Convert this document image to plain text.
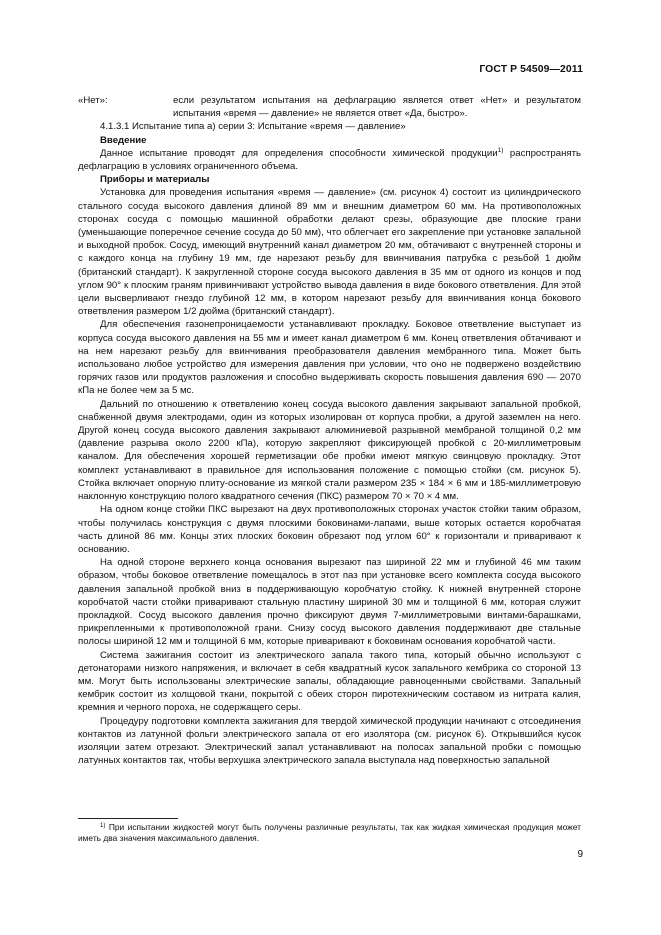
ГОСТ Р 54509—2011
«Нет»:	если результатом испытания на дефлаграцию является ответ «Нет» и результатом испытания «время — давление» не является ответ «Да, быстро».

4.1.3.1 Испытание типа а) серии 3: Испытание «время — давление»

Введение

Данное испытание проводят для определения способности химической продукции$^{1)}$ распространять дефлаграцию в условиях ограниченного объема.

Приборы и материалы

Установка для проведения испытания «время — давление» (см. рисунок 4) состоит из цилиндрического стального сосуда высокого давления длиной 89 мм и внешним диаметром 60 мм. На противоположных сторонах сосуда с помощью машинной обработки делают срезы, образующие две плоские грани (уменьшающие поперечное сечение сосуда до 50 мм), что облегчает его закрепление при установке запальной и выходной пробок. Сосуд, имеющий внутренний канал диаметром 20 мм, обтачивают с внутренней стороны и с каждого конца на глубину 19 мм, где нарезают резьбу для ввинчивания патрубка с резьбой 1 дюйм (британский стандарт). К закругленной стороне сосуда высокого давления в 35 мм от одного из концов и под углом 90° к плоским граням привинчивают устройство вывода давления в виде бокового ответвления. Для этой цели высверливают гнездо глубиной 12 мм, в котором нарезают резьбу для ввинчивания конца бокового ответвления размером 1/2 дюйма (британский стандарт).

Для обеспечения газонепроницаемости устанавливают прокладку. Боковое ответвление выступает из корпуса сосуда высокого давления на 55 мм и имеет канал диаметром 6 мм. Конец ответвления обтачивают и на нем нарезают резьбу для ввинчивания преобразователя давления мембранного типа. Может быть использовано любое устройство для измерения давления при условии, что оно не подвержено воздействию горячих газов или продуктов разложения и способно выдерживать скорость повышения давления 690 — 2070 кПа не более чем за 5 мс.

Дальний по отношению к ответвлению конец сосуда высокого давления закрывают запальной пробкой, снабженной двумя электродами, один из которых изолирован от корпуса пробки, а другой заземлен на него. Другой конец сосуда высокого давления закрывают алюминиевой разрывной мембраной толщиной 0,2 мм (давление разрыва около 2200 кПа), которую закрепляют фиксирующей пробкой с 20-миллиметровым каналом. Для обеспечения хорошей герметизации обе пробки имеют мягкую свинцовую прокладку. Этот комплект устанавливают в правильное для использования положение с помощью стойки (см. рисунок 5). Стойка включает опорную плиту-основание из мягкой стали размером 235 × 184 × 6 мм и 185-миллиметровую наклонную конструкцию полого квадратного сечения (ПКС) размером 70 × 70 × 4 мм.

На одном конце стойки ПКС вырезают на двух противоположных сторонах участок стойки таким образом, чтобы получилась конструкция с двумя плоскими боковинами-лапами, выше которых остается коробчатая часть длиной 86 мм. Концы этих плоских боковин обрезают под углом 60° к горизонтали и приваривают к основанию.

На одной стороне верхнего конца основания вырезают паз шириной 22 мм и глубиной 46 мм таким образом, чтобы боковое ответвление помещалось в этот паз при установке всего комплекта сосуда высокого давления запальной пробкой вниз в поддерживающую коробчатую стойку. К нижней внутренней стороне коробчатой части стойки приваривают стальную пластину шириной 30 мм и толщиной 6 мм, которая служит прокладкой. Сосуд высокого давления прочно фиксируют двумя 7-миллиметровыми винтами-барашками, прикрепленными к противоположной грани. Снизу сосуд высокого давления поддерживают две стальные полосы шириной 12 мм и толщиной 6 мм, которые приваривают к боковинам основания коробчатой части.

Система зажигания состоит из электрического запала такого типа, который обычно используют с детонаторами низкого напряжения, и включает в себя квадратный кусок запального кембрика со стороной 13 мм. Могут быть использованы электрические запалы, обладающие равноценными свойствами. Запальный кембрик состоит из холщовой ткани, покрытой с обеих сторон пиротехническим составом из нитрата калия, кремния и черного пороха, не содержащего серы.

Процедуру подготовки комплекта зажигания для твердой химической продукции начинают с отсоединения контактов из латунной фольги электрического запала от его изолятора (см. рисунок 6). Открывшийся кусок изоляции затем отрезают. Электрический запал устанавливают на полосах запальной пробки с помощью латунных контактов так, чтобы верхушка электрического запала выступала над поверхностью запальной

$^{1)}$ При испытании жидкостей могут быть получены различные результаты, так как жидкая химическая продукция может иметь два значения максимального давления.
9
